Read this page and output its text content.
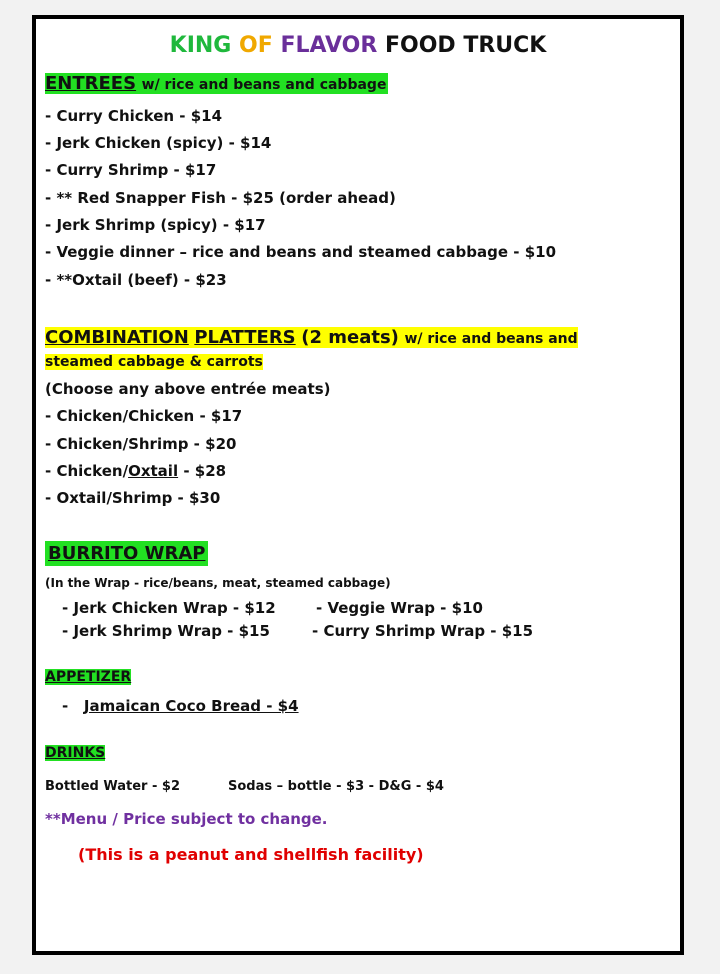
KING OF FLAVOR FOOD TRUCK
ENTREES w/ rice and beans and cabbage
- Curry Chicken - $14
- Jerk Chicken (spicy) - $14
- Curry Shrimp - $17
- ** Red Snapper Fish - $25 (order ahead)
- Jerk Shrimp (spicy) - $17
- Veggie dinner – rice and beans and steamed cabbage - $10
- **Oxtail (beef) - $23
COMBINATION PLATTERS (2 meats) w/ rice and beans and
steamed cabbage & carrots
(Choose any above entrée meats)
- Chicken/Chicken - $17
- Chicken/Shrimp - $20
- Chicken/Oxtail - $28
- Oxtail/Shrimp - $30
BURRITO WRAP
(In the Wrap - rice/beans, meat, steamed cabbage)
- Jerk Chicken Wrap - $12
- Jerk Shrimp Wrap - $15
- Veggie Wrap - $10
- Curry Shrimp Wrap - $15
APPETIZER
- Jamaican Coco Bread - $4
DRINKS
Bottled Water - $2	Sodas – bottle - $3 - D&G - $4
**Menu / Price subject to change.
(This is a peanut and shellfish facility)
